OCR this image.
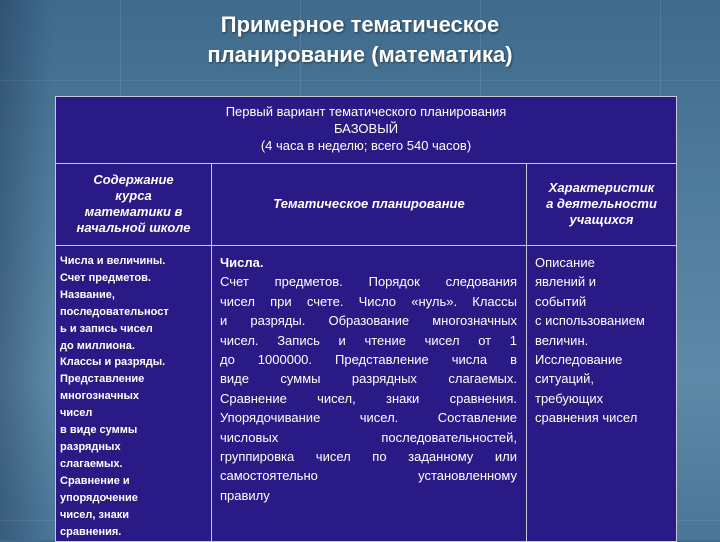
Примерное тематическое
планирование (математика)
Первый вариант тематического планирования
БАЗОВЫЙ
(4 часа в неделю; всего 540 часов)
Содержание
курса
математики в
начальной школе
Тематическое планирование
Характеристик
а деятельности
учащихся
Числа и величины.
Счет предметов.
Название,
последовательност
ь и запись чисел
до миллиона.
Классы и разряды.
Представление
многозначных
чисел
в виде суммы
разрядных
слагаемых.
Сравнение и
упорядочение
чисел, знаки
сравнения.
Числа.
Счет предметов. Порядок следования
чисел при счете. Число «нуль». Классы
и разряды. Образование многозначных
чисел. Запись и чтение чисел от 1
до 1000000. Представление числа в
виде суммы разрядных слагаемых.
Сравнение чисел, знаки сравнения.
Упорядочивание чисел. Составление
числовых последовательностей,
группировка чисел по заданному или
самостоятельно установленному
правилу
Описание
явлений и
событий
с использованием
величин.
Исследование
ситуаций,
требующих
сравнения чисел
